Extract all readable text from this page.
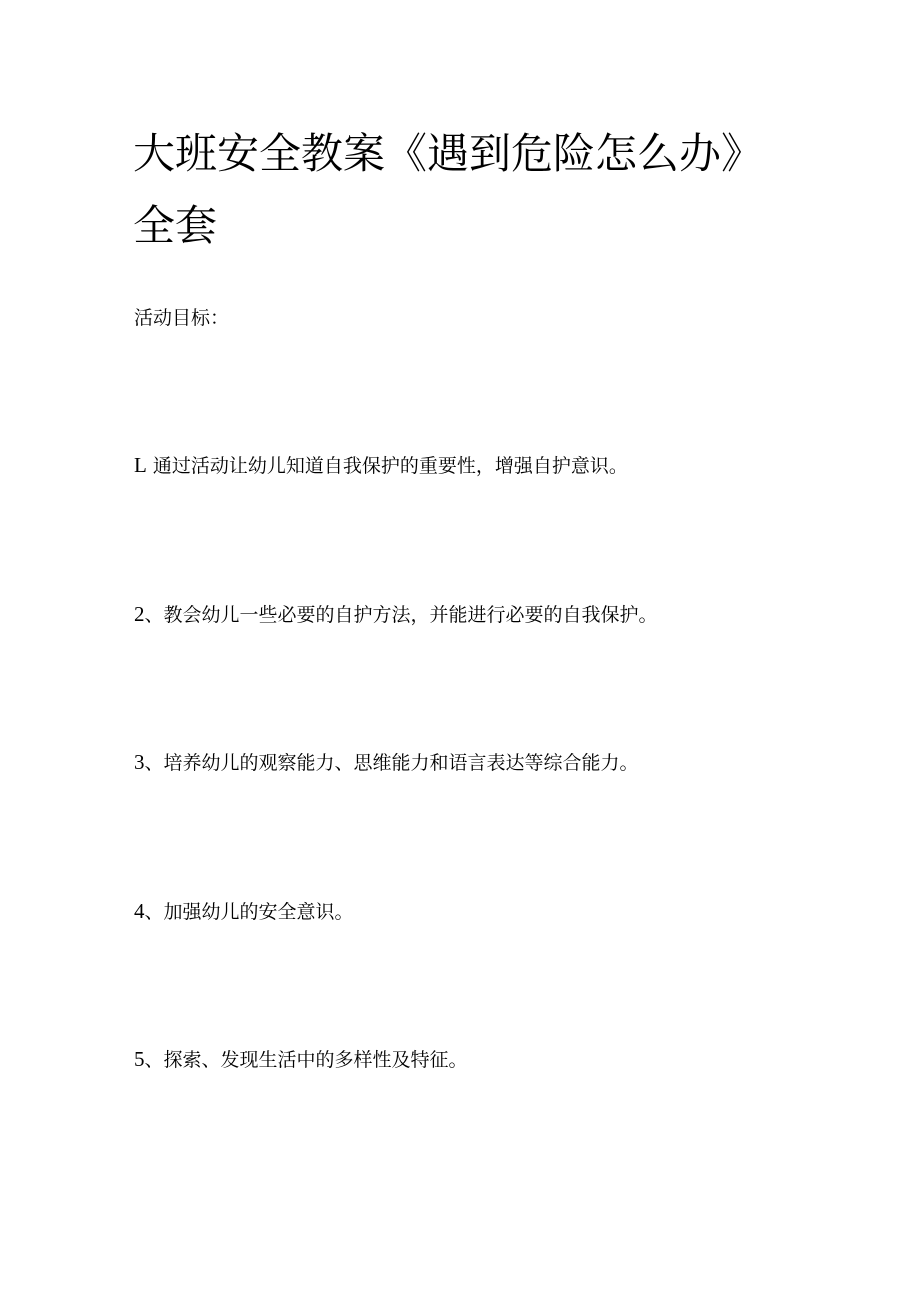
大班安全教案《遇到危险怎么办》全套

活动目标：

L 通过活动让幼儿知道自我保护的重要性，增强自护意识。

2、教会幼儿一些必要的自护方法，并能进行必要的自我保护。

3、培养幼儿的观察能力、思维能力和语言表达等综合能力。

4、加强幼儿的安全意识。

5、探索、发现生活中的多样性及特征。
